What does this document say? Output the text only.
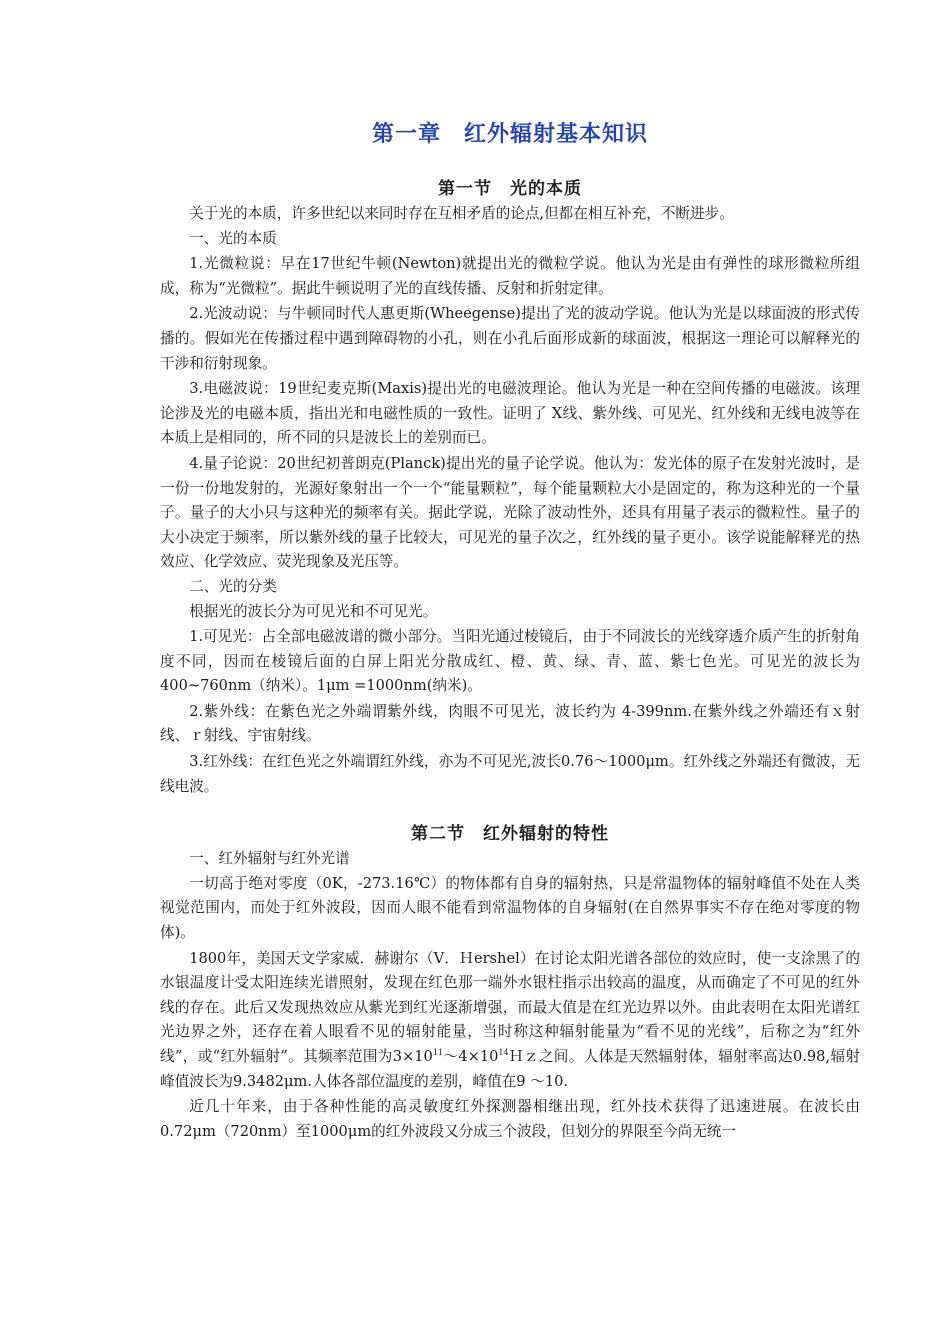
第一章　红外辐射基本知识
第一节　光的本质

关于光的本质，许多世纪以来同时存在互相矛盾的论点,但都在相互补充，不断进步。

一、光的本质

1.光微粒说：早在17世纪牛顿(Newton)就提出光的微粒学说。他认为光是由有弹性的球形微粒所组成，称为“光微粒”。据此牛顿说明了光的直线传播、反射和折射定律。

2.光波动说：与牛顿同时代人惠更斯(Wheegense)提出了光的波动学说。他认为光是以球面波的形式传播的。假如光在传播过程中遇到障碍物的小孔，则在小孔后面形成新的球面波，根据这一理论可以解释光的干涉和衍射现象。

3.电磁波说：19世纪麦克斯(Maxis)提出光的电磁波理论。他认为光是一种在空间传播的电磁波。该理论涉及光的电磁本质，指出光和电磁性质的一致性。证明了 X线、紫外线、可见光、红外线和无线电波等在本质上是相同的，所不同的只是波长上的差别而已。

4.量子论说：20世纪初普朗克(Planck)提出光的量子论学说。他认为：发光体的原子在发射光波时，是一份一份地发射的，光源好象射出一个一个“能量颗粒”，每个能量颗粒大小是固定的，称为这种光的一个量子。量子的大小只与这种光的频率有关。据此学说，光除了波动性外，还具有用量子表示的微粒性。量子的大小决定于频率，所以紫外线的量子比较大，可见光的量子次之，红外线的量子更小。该学说能解释光的热效应、化学效应、荧光现象及光压等。

二、光的分类

根据光的波长分为可见光和不可见光。

1.可见光：占全部电磁波谱的微小部分。当阳光通过棱镜后，由于不同波长的光线穿透介质产生的折射角度不同，因而在棱镜后面的白屏上阳光分散成红、橙、黄、绿、青、蓝、紫七色光。可见光的波长为400~760nm（纳米）。1μm =1000nm(纳米)。

2.紫外线：在紫色光之外端谓紫外线，肉眼不可见光，波长约为 4-399nm.在紫外线之外端还有ｘ射线、ｒ射线、宇宙射线。

3.红外线：在红色光之外端谓红外线，亦为不可见光,波长0.76～1000μm。红外线之外端还有微波，无线电波。

第二节　红外辐射的特性

一、红外辐射与红外光谱

一切高于绝对零度（0K，-273.16℃）的物体都有自身的辐射热，只是常温物体的辐射峰值不处在人类视觉范围内，而处于红外波段，因而人眼不能看到常温物体的自身辐射(在自然界事实不存在绝对零度的物体)。

1800年，美国天文学家威．赫谢尔（V．Ｈershel）在讨论太阳光谱各部位的效应时，使一支涂黑了的水银温度计受太阳连续光谱照射，发现在红色那一端外水银柱指示出较高的温度，从而确定了不可见的红外线的存在。此后又发现热效应从紫光到红光逐渐增强，而最大值是在红光边界以外。由此表明在太阳光谱红光边界之外，还存在着人眼看不见的辐射能量，当时称这种辐射能量为“看不见的光线”，后称之为“红外线”，或“红外辐射”。其频率范围为$3\times 10^{11}\sim 4\times 10^{14}Hz$之间。人体是天然辐射体，辐射率高达0.98,辐射峰值波长为9.3482μm.人体各部位温度的差别，峰值在9 ～10.

近几十年来，由于各种性能的高灵敏度红外探测器相继出现，红外技术获得了迅速进展。在波长由0.72μm（720nm）至1000μm的红外波段又分成三个波段，但划分的界限至今尚无统一
